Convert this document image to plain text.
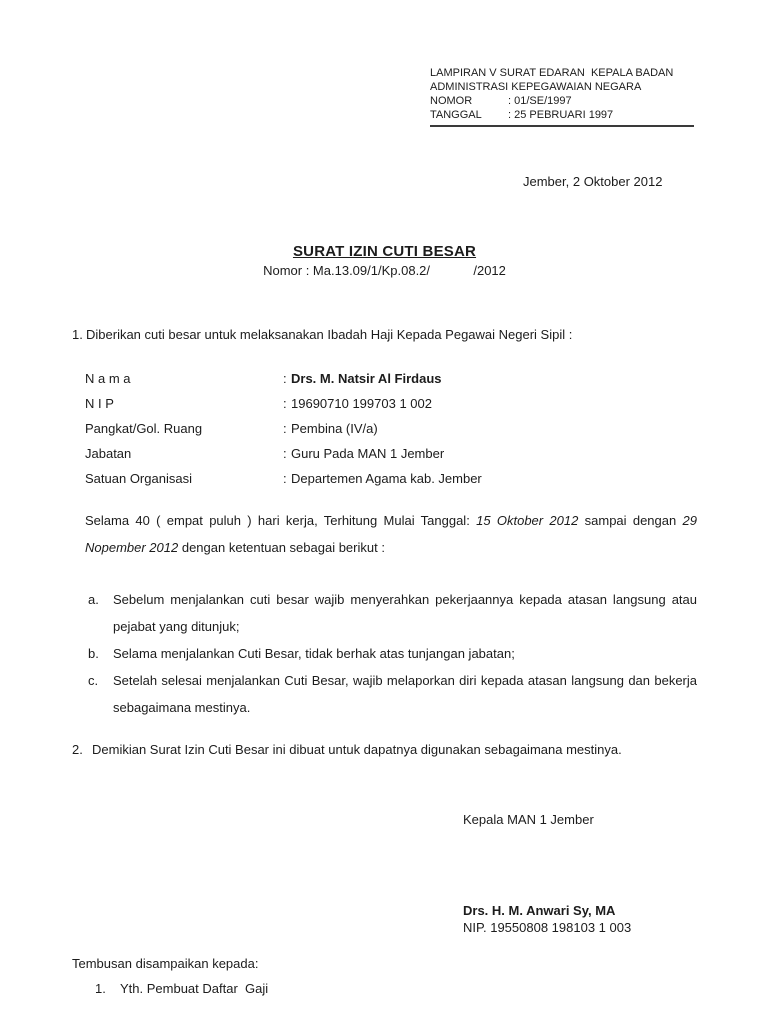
LAMPIRAN V SURAT EDARAN  KEPALA BADAN
ADMINISTRASI KEPEGAWAIAN NEGARA
NOMOR	: 01/SE/1997
TANGGAL	: 25 PEBRUARI 1997
Jember, 2 Oktober 2012
SURAT IZIN CUTI BESAR
Nomor : Ma.13.09/1/Kp.08.2/            /2012
1. Diberikan cuti besar untuk melaksanakan Ibadah Haji Kepada Pegawai Negeri Sipil :
N a m a	: Drs. M. Natsir Al Firdaus
N I P	: 19690710 199703 1 002
Pangkat/Gol. Ruang	: Pembina (IV/a)
Jabatan	: Guru Pada MAN 1 Jember
Satuan Organisasi	: Departemen Agama kab. Jember
Selama 40 ( empat puluh ) hari kerja, Terhitung Mulai Tanggal: 15 Oktober 2012 sampai dengan 29 Nopember 2012 dengan ketentuan sebagai berikut :
a.	Sebelum menjalankan cuti besar wajib menyerahkan pekerjaannya kepada atasan langsung atau pejabat yang ditunjuk;
b.	Selama menjalankan Cuti Besar, tidak berhak atas tunjangan jabatan;
c.	Setelah selesai menjalankan Cuti Besar, wajib melaporkan diri kepada atasan langsung dan bekerja sebagaimana mestinya.
2. Demikian Surat Izin Cuti Besar ini dibuat untuk dapatnya digunakan sebagaimana mestinya.
Kepala MAN 1 Jember
Drs. H. M. Anwari Sy, MA
NIP. 19550808 198103 1 003
Tembusan disampaikan kepada:
1.	Yth. Pembuat Daftar  Gaji
